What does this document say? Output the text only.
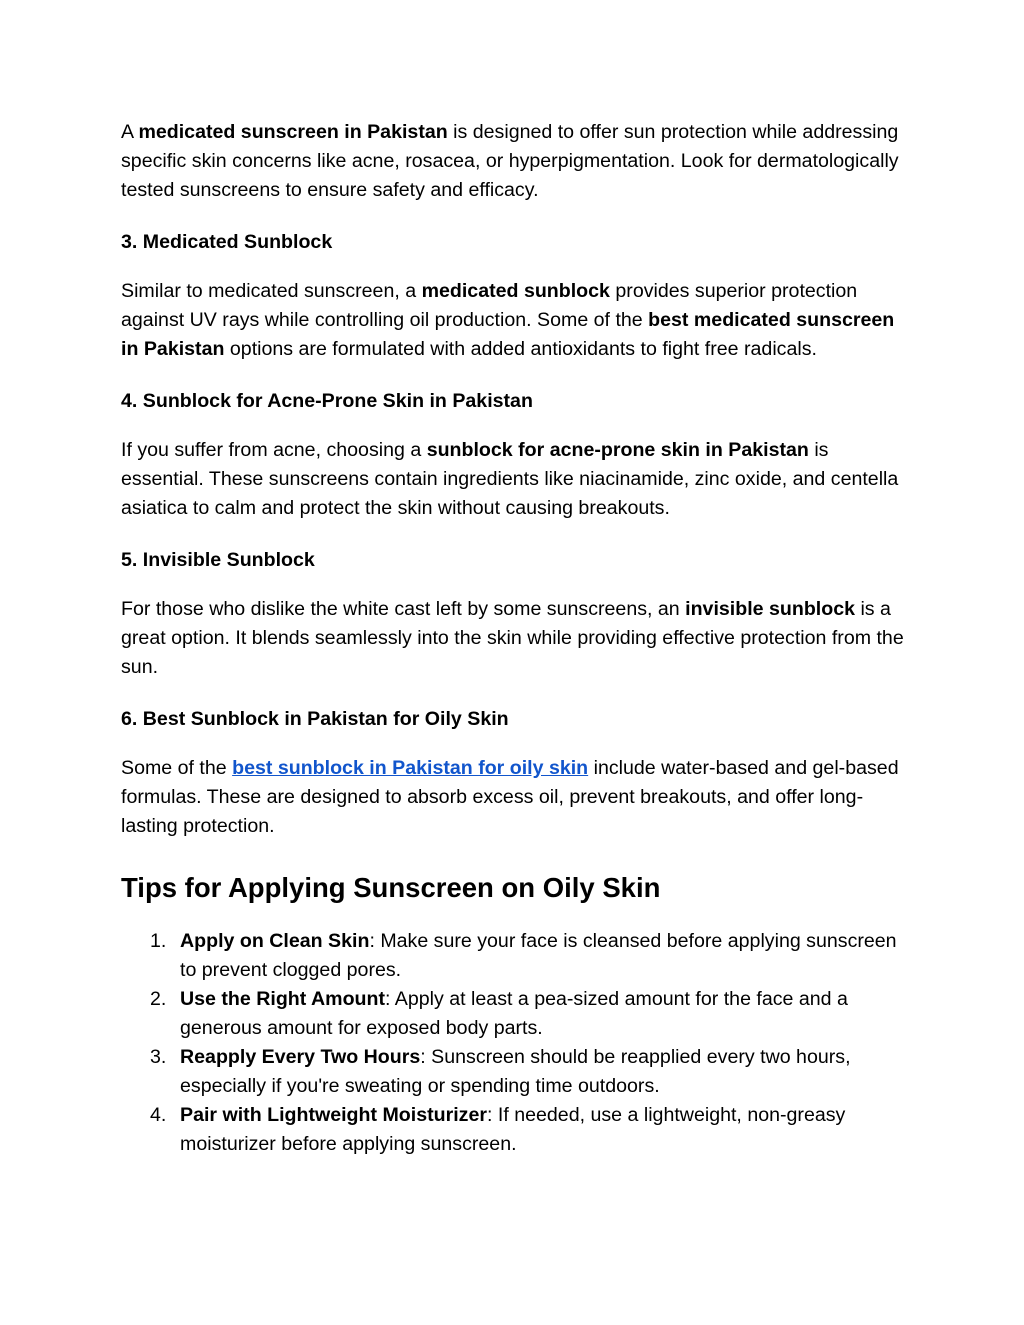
A medicated sunscreen in Pakistan is designed to offer sun protection while addressing specific skin concerns like acne, rosacea, or hyperpigmentation. Look for dermatologically tested sunscreens to ensure safety and efficacy.

3. Medicated Sunblock

Similar to medicated sunscreen, a medicated sunblock provides superior protection against UV rays while controlling oil production. Some of the best medicated sunscreen in Pakistan options are formulated with added antioxidants to fight free radicals.

4. Sunblock for Acne-Prone Skin in Pakistan

If you suffer from acne, choosing a sunblock for acne-prone skin in Pakistan is essential. These sunscreens contain ingredients like niacinamide, zinc oxide, and centella asiatica to calm and protect the skin without causing breakouts.

5. Invisible Sunblock

For those who dislike the white cast left by some sunscreens, an invisible sunblock is a great option. It blends seamlessly into the skin while providing effective protection from the sun.

6. Best Sunblock in Pakistan for Oily Skin

Some of the best sunblock in Pakistan for oily skin include water-based and gel-based formulas. These are designed to absorb excess oil, prevent breakouts, and offer long-lasting protection.

Tips for Applying Sunscreen on Oily Skin
1. Apply on Clean Skin: Make sure your face is cleansed before applying sunscreen to prevent clogged pores.
2. Use the Right Amount: Apply at least a pea-sized amount for the face and a generous amount for exposed body parts.
3. Reapply Every Two Hours: Sunscreen should be reapplied every two hours, especially if you're sweating or spending time outdoors.
4. Pair with Lightweight Moisturizer: If needed, use a lightweight, non-greasy moisturizer before applying sunscreen.
